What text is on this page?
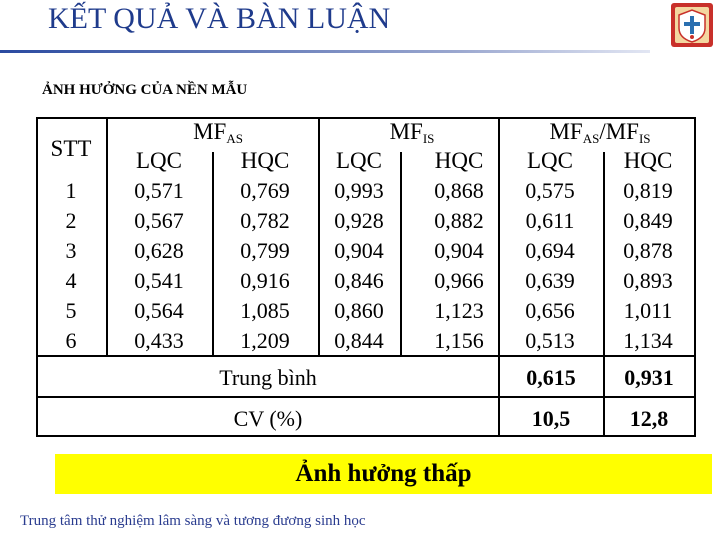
KẾT QUẢ VÀ BÀN LUẬN
ẢNH HƯỞNG CỦA NỀN MẪU
STT
$MF_{AS}$	$MF_{IS}$	$MF_{AS}/MF_{IS}$
LQC	HQC LQC HQC LQC HQC
1	0,571	0,769 0,993 0,868 0,575 0,819
2	0,567	0,782 0,928 0,882 0,611 0,849
3	0,628	0,799 0,904 0,904 0,694 0,878
4	0,541	0,916 0,846 0,966 0,639 0,893
5	0,564	1,085 0,860 1,123 0,656 1,011
6	0,433	1,209 0,844 1,156 0,513 1,134
Trung bình	0,615 0,931
CV (%)	10,5	12,8
Ảnh hưởng thấp
Trung tâm thử nghiệm lâm sàng và tương đương sinh học
